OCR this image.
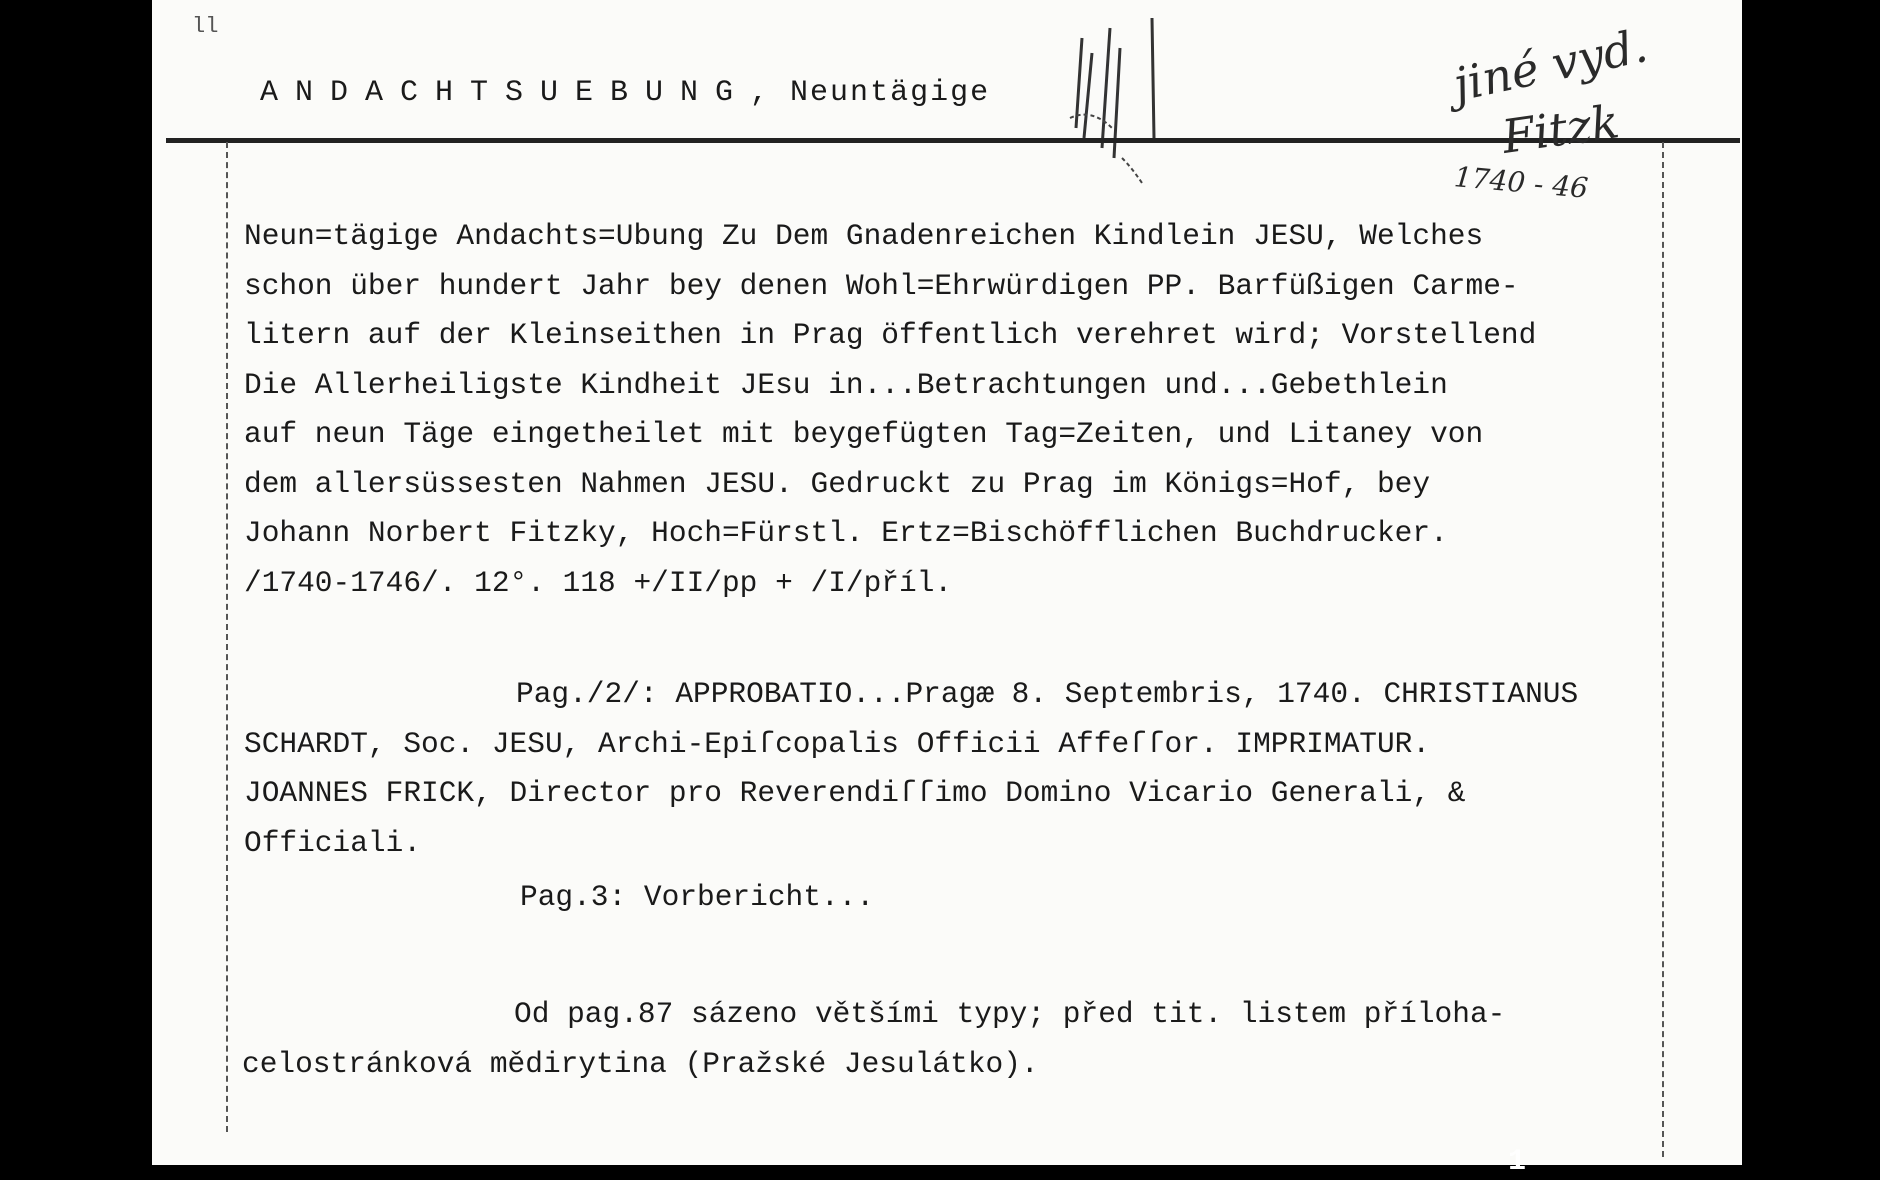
ll
ANDACHTSUEBUNG, Neuntägige	jiné vyd.
Fitzk
1740 - 46
Neun=tägige Andachts=Ubung Zu Dem Gnadenreichen Kindlein JESU, Welches
schon über hundert Jahr bey denen Wohl=Ehrwürdigen PP. Barfüßigen Carme-
litern auf der Kleinseithen in Prag öffentlich verehret wird; Vorstellend
Die Allerheiligste Kindheit JEsu in...Betrachtungen und...Gebethlein
auf neun Täge eingetheilet mit beygefügten Tag=Zeiten, und Litaney von
dem allersüssesten Nahmen JESU. Gedruckt zu Prag im Königs=Hof, bey
Johann Norbert Fitzky, Hoch=Fürstl. Ertz=Bischöfflichen Buchdrucker.
/1740-1746/. 12°. 118 +/II/pp + /I/příl.
Pag./2/: APPROBATIO...Pragæ 8. Septembris, 1740. CHRISTIANUS
SCHARDT, Soc. JESU, Archi-Epiſcopalis Officii Affeſſor. IMPRIMATUR.
JOANNES FRICK, Director pro Reverendiſſimo Domino Vicario Generali, &
Officiali.
Pag.3: Vorbericht...
Od pag.87 sázeno většími typy; před tit. listem příloha-
celostránková mědirytina (Pražské Jesulátko).
1
